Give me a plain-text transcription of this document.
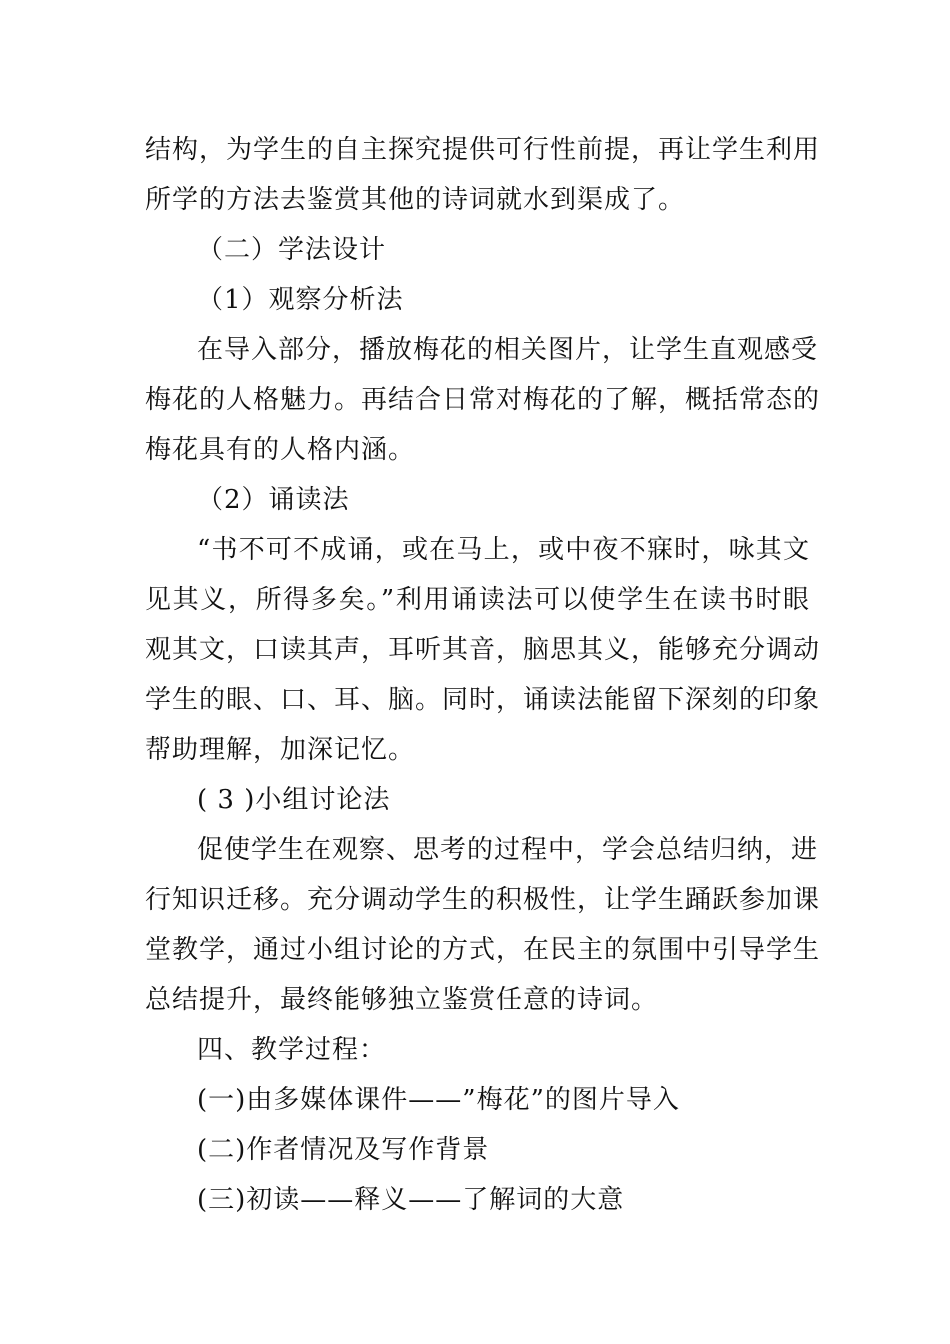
结构，为学生的自主探究提供可行性前提，再让学生利用
所学的方法去鉴赏其他的诗词就水到渠成了。
（二）学法设计
（1）观察分析法
在导入部分，播放梅花的相关图片，让学生直观感受
梅花的人格魅力。再结合日常对梅花的了解，概括常态的
梅花具有的人格内涵。
（2）诵读法
“书不可不成诵，或在马上，或中夜不寐时，咏其文
见其义，所得多矣。”利用诵读法可以使学生在读书时眼
观其文，口读其声，耳听其音，脑思其义，能够充分调动
学生的眼、口、耳、脑。同时，诵读法能留下深刻的印象
帮助理解，加深记忆。
( 3 )小组讨论法
促使学生在观察、思考的过程中，学会总结归纳，进
行知识迁移。充分调动学生的积极性，让学生踊跃参加课
堂教学，通过小组讨论的方式，在民主的氛围中引导学生
总结提升，最终能够独立鉴赏任意的诗词。
四、教学过程：
(一)由多媒体课件——”梅花”的图片导入
(二)作者情况及写作背景
(三)初读——释义——了解词的大意
